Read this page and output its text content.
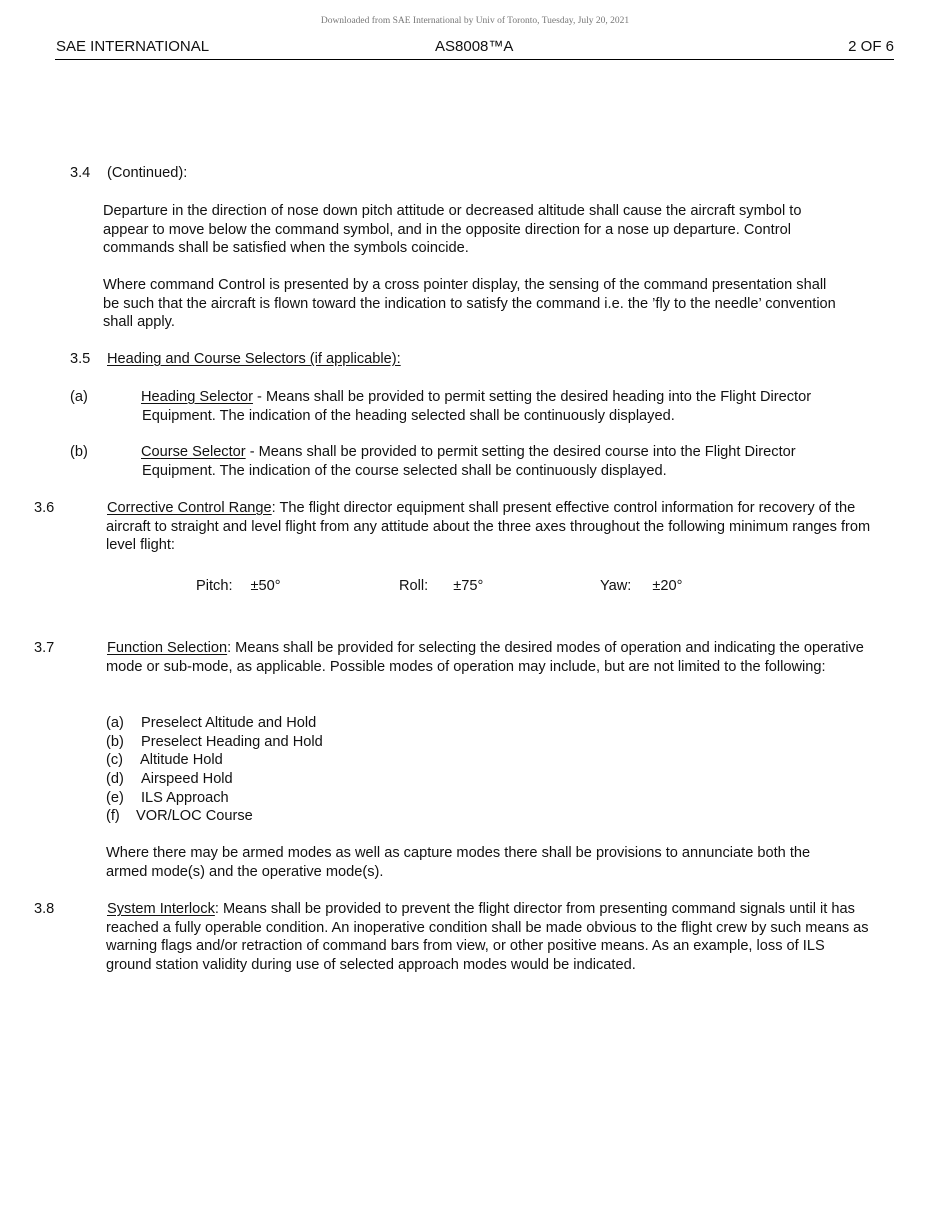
Downloaded from SAE International by Univ of Toronto, Tuesday, July 20, 2021
SAE INTERNATIONAL	AS8008™A	2 OF 6
3.4 (Continued):

Departure in the direction of nose down pitch attitude or decreased altitude shall cause the aircraft symbol to appear to move below the command symbol, and in the opposite direction for a nose up departure. Control commands shall be satisfied when the symbols coincide.

Where command Control is presented by a cross pointer display, the sensing of the command presentation shall be such that the aircraft is flown toward the indication to satisfy the command i.e. the ’fly to the needle’ convention shall apply.

3.5 Heading and Course Selectors (if applicable):

(a)	Heading Selector - Means shall be provided to permit setting the desired heading into the Flight Director Equipment. The indication of the heading selected shall be continuously displayed.

(b)	Course Selector - Means shall be provided to permit setting the desired course into the Flight Director Equipment. The indication of the course selected shall be continuously displayed.

3.6	Corrective Control Range: The flight director equipment shall present effective control information for recovery of the aircraft to straight and level flight from any attitude about the three axes throughout the following minimum ranges from level flight:

Pitch: ±50°	Roll: ±75°	Yaw: ±20°

3.7	Function Selection: Means shall be provided for selecting the desired modes of operation and indicating the operative mode or sub-mode, as applicable. Possible modes of operation may include, but are not limited to the following:

(a) Preselect Altitude and Hold
(b) Preselect Heading and Hold
(c) Altitude Hold
(d) Airspeed Hold
(e) ILS Approach
(f) VOR/LOC Course

Where there may be armed modes as well as capture modes there shall be provisions to annunciate both the armed mode(s) and the operative mode(s).

3.8	System Interlock: Means shall be provided to prevent the flight director from presenting command signals until it has reached a fully operable condition. An inoperative condition shall be made obvious to the flight crew by such means as warning flags and/or retraction of command bars from view, or other positive means. As an example, loss of ILS ground station validity during use of selected approach modes would be indicated.
